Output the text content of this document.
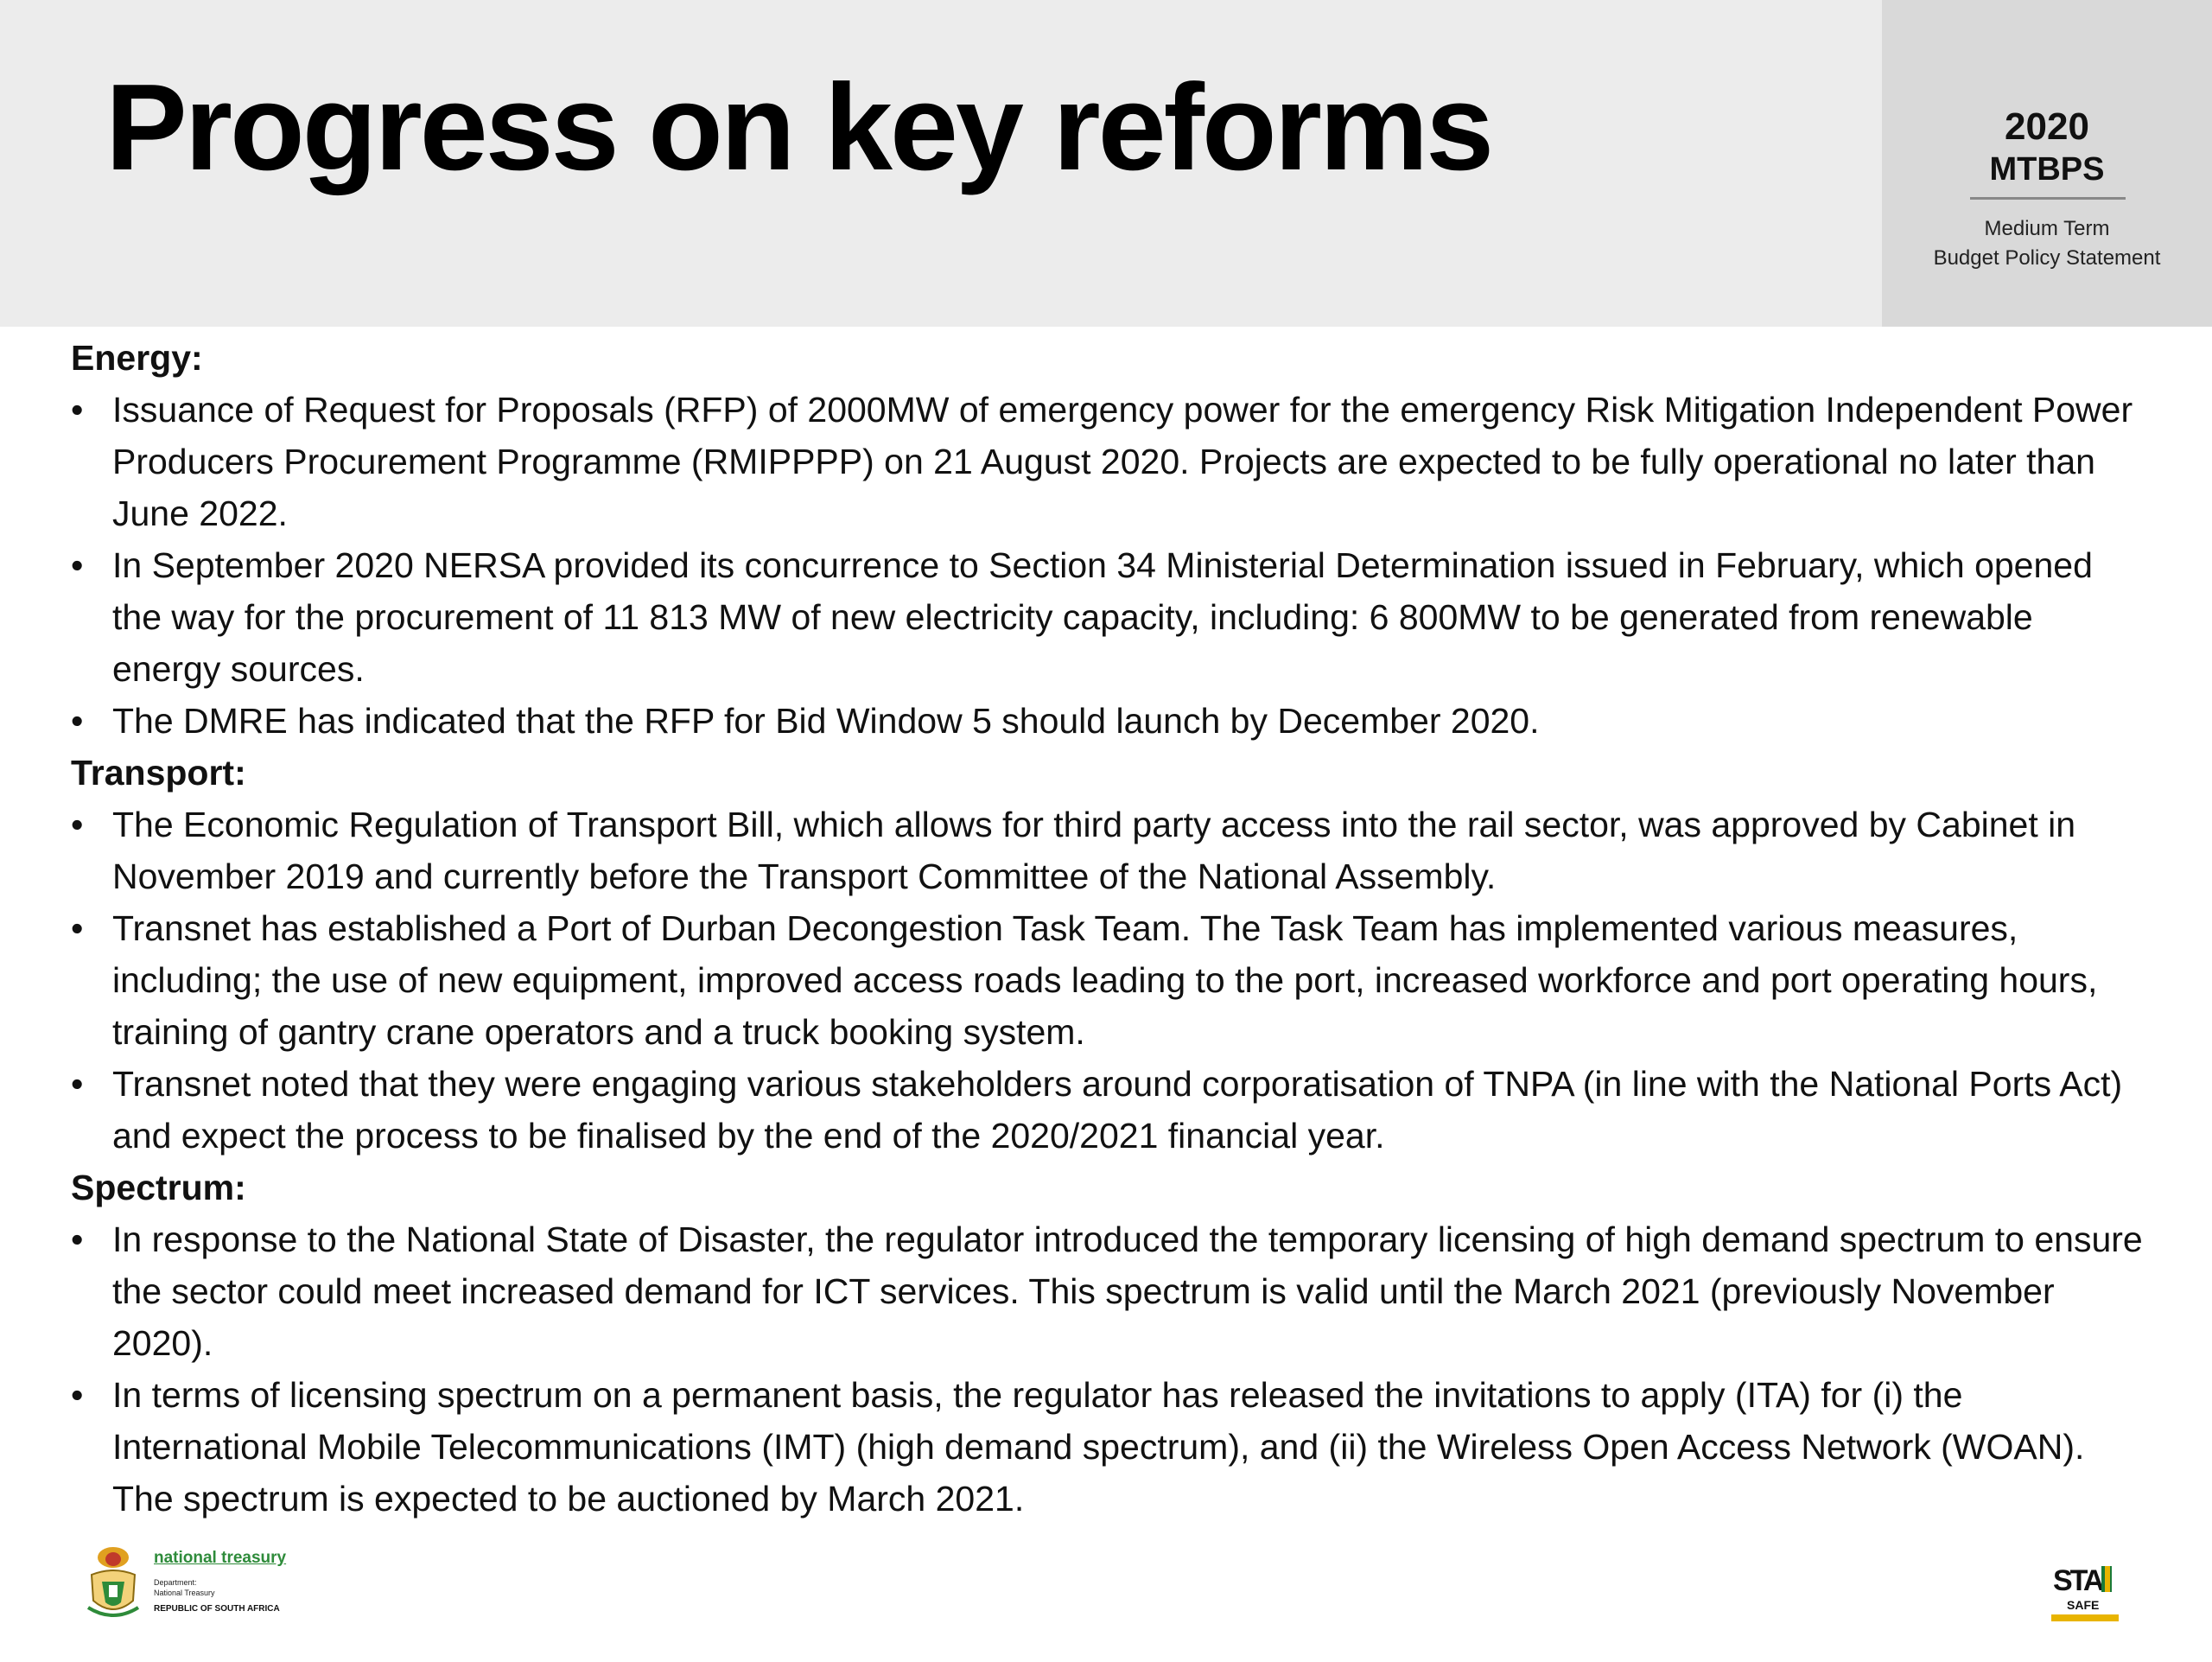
Progress on key reforms	2020
MTBPS
Medium Term
Budget Policy Statement

Energy:

• Issuance of Request for Proposals (RFP) of 2000MW of emergency power for the emergency Risk Mitigation Independent Power Producers Procurement Programme (RMIPPPP) on 21 August 2020. Projects are expected to be fully operational no later than June 2022.
• In September 2020 NERSA provided its concurrence to Section 34 Ministerial Determination issued in February, which opened the way for the procurement of 11 813 MW of new electricity capacity, including: 6 800MW to be generated from renewable energy sources.
• The DMRE has indicated that the RFP for Bid Window 5 should launch by December 2020.

Transport:

• The Economic Regulation of Transport Bill, which allows for third party access into the rail sector, was approved by Cabinet in November 2019 and currently before the Transport Committee of the National Assembly.
• Transnet has established a Port of Durban Decongestion Task Team. The Task Team has implemented various measures, including; the use of new equipment, improved access roads leading to the port, increased workforce and port operating hours, training of gantry crane operators and a truck booking system.
• Transnet noted that they were engaging various stakeholders around corporatisation of TNPA (in line with the National Ports Act) and expect the process to be finalised by the end of the 2020/2021 financial year.

Spectrum:

• In response to the National State of Disaster, the regulator introduced the temporary licensing of high demand spectrum to ensure the sector could meet increased demand for ICT services. This spectrum is valid until the March 2021 (previously November 2020).
• In terms of licensing spectrum on a permanent basis, the regulator has released the invitations to apply (ITA) for (i) the International Mobile Telecommunications (IMT) (high demand spectrum), and (ii) the Wireless Open Access Network (WOAN). The spectrum is expected to be auctioned by March 2021.
national treasury
Department:
National Treasury
REPUBLIC OF SOUTH AFRICA
STA
SAFE
